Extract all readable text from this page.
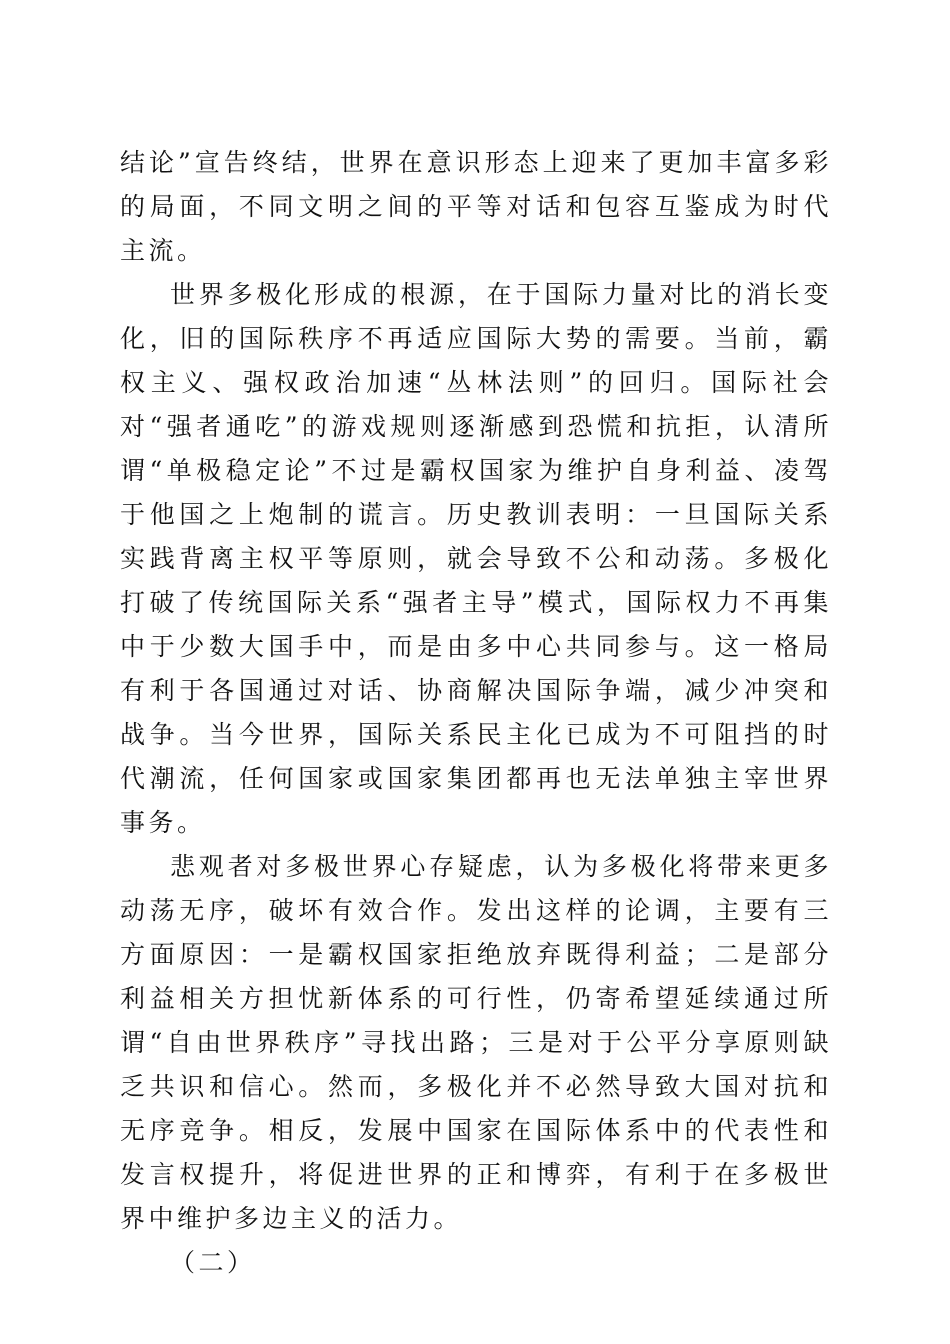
结论”宣告终结，世界在意识形态上迎来了更加丰富多彩的局面，不同文明之间的平等对话和包容互鉴成为时代主流。

世界多极化形成的根源，在于国际力量对比的消长变化，旧的国际秩序不再适应国际大势的需要。当前，霸权主义、强权政治加速“丛林法则”的回归。国际社会对“强者通吃”的游戏规则逐渐感到恐慌和抗拒，认清所谓“单极稳定论”不过是霸权国家为维护自身利益、凌驾于他国之上炮制的谎言。历史教训表明：一旦国际关系实践背离主权平等原则，就会导致不公和动荡。多极化打破了传统国际关系“强者主导”模式，国际权力不再集中于少数大国手中，而是由多中心共同参与。这一格局有利于各国通过对话、协商解决国际争端，减少冲突和战争。当今世界，国际关系民主化已成为不可阻挡的时代潮流，任何国家或国家集团都再也无法单独主宰世界事务。

悲观者对多极世界心存疑虑，认为多极化将带来更多动荡无序，破坏有效合作。发出这样的论调，主要有三方面原因：一是霸权国家拒绝放弃既得利益；二是部分利益相关方担忧新体系的可行性，仍寄希望延续通过所谓“自由世界秩序”寻找出路；三是对于公平分享原则缺乏共识和信心。然而，多极化并不必然导致大国对抗和无序竞争。相反，发展中国家在国际体系中的代表性和发言权提升，将促进世界的正和博弈，有利于在多极世界中维护多边主义的活力。

（二）
